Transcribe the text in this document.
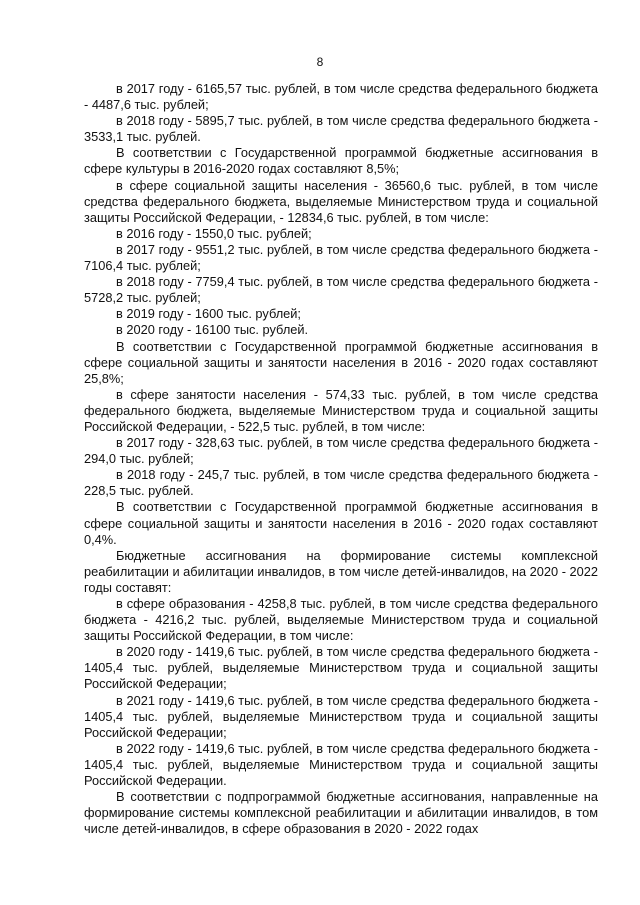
8

в 2017 году - 6165,57 тыс. рублей, в том числе средства федерального бюджета - 4487,6 тыс. рублей;

в 2018 году - 5895,7 тыс. рублей, в том числе средства федерального бюджета - 3533,1 тыс. рублей.

В соответствии с Государственной программой бюджетные ассигнования в сфере культуры в 2016-2020 годах составляют 8,5%;

в сфере социальной защиты населения - 36560,6 тыс. рублей, в том числе средства федерального бюджета, выделяемые Министерством труда и социальной защиты Российской Федерации, - 12834,6 тыс. рублей, в том числе:

в 2016 году - 1550,0 тыс. рублей;

в 2017 году - 9551,2 тыс. рублей, в том числе средства федерального бюджета - 7106,4 тыс. рублей;

в 2018 году - 7759,4 тыс. рублей, в том числе средства федерального бюджета - 5728,2 тыс. рублей;

в 2019 году - 1600 тыс. рублей;

в 2020 году - 16100 тыс. рублей.

В соответствии с Государственной программой бюджетные ассигнования в сфере социальной защиты и занятости населения в 2016 - 2020 годах составляют 25,8%;

в сфере занятости населения - 574,33 тыс. рублей, в том числе средства федерального бюджета, выделяемые Министерством труда и социальной защиты Российской Федерации, - 522,5 тыс. рублей, в том числе:

в 2017 году - 328,63 тыс. рублей, в том числе средства федерального бюджета - 294,0 тыс. рублей;

в 2018 году - 245,7 тыс. рублей, в том числе средства федерального бюджета - 228,5 тыс. рублей.

В соответствии с Государственной программой бюджетные ассигнования в сфере социальной защиты и занятости населения в 2016 - 2020 годах составляют 0,4%.

Бюджетные ассигнования на формирование системы комплексной реабилитации и абилитации инвалидов, в том числе детей-инвалидов, на 2020 - 2022 годы составят:

в сфере образования - 4258,8 тыс. рублей, в том числе средства федерального бюджета - 4216,2 тыс. рублей, выделяемые Министерством труда и социальной защиты Российской Федерации, в том числе:

в 2020 году - 1419,6 тыс. рублей, в том числе средства федерального бюджета - 1405,4 тыс. рублей, выделяемые Министерством труда и социальной защиты Российской Федерации;

в 2021 году - 1419,6 тыс. рублей, в том числе средства федерального бюджета - 1405,4 тыс. рублей, выделяемые Министерством труда и социальной защиты Российской Федерации;

в 2022 году - 1419,6 тыс. рублей, в том числе средства федерального бюджета - 1405,4 тыс. рублей, выделяемые Министерством труда и социальной защиты Российской Федерации.

В соответствии с подпрограммой бюджетные ассигнования, направленные на формирование системы комплексной реабилитации и абилитации инвалидов, в том числе детей-инвалидов, в сфере образования в 2020 - 2022 годах
